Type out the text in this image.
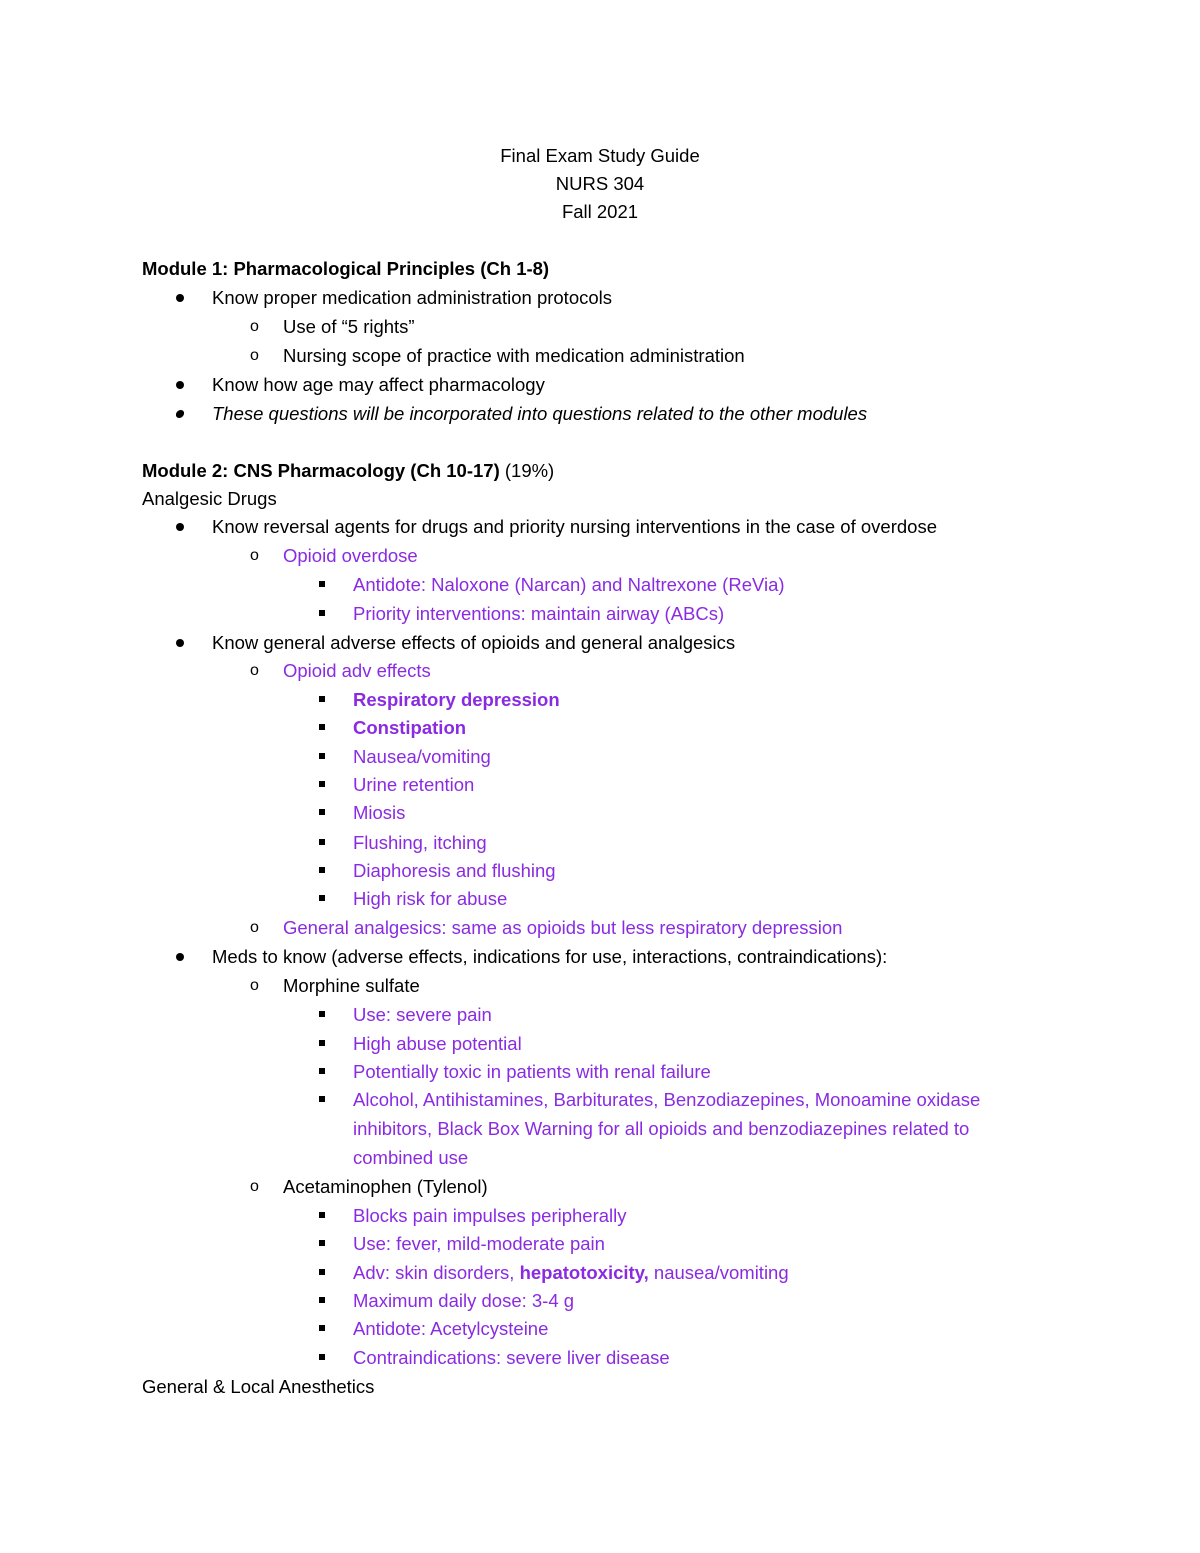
Final Exam Study Guide
NURS 304
Fall 2021
Module 1: Pharmacological Principles (Ch 1-8)
Know proper medication administration protocols
o Use of “5 rights”
o Nursing scope of practice with medication administration
Know how age may affect pharmacology
These questions will be incorporated into questions related to the other modules
Module 2: CNS Pharmacology (Ch 10-17) (19%)
Analgesic Drugs
Know reversal agents for drugs and priority nursing interventions in the case of overdose
o Opioid overdose
Antidote: Naloxone (Narcan) and Naltrexone (ReVia)
Priority interventions: maintain airway (ABCs)
Know general adverse effects of opioids and general analgesics
o Opioid adv effects
Respiratory depression
Constipation
Nausea/vomiting
Urine retention
Miosis
Flushing, itching
Diaphoresis and flushing
High risk for abuse
o General analgesics: same as opioids but less respiratory depression
Meds to know (adverse effects, indications for use, interactions, contraindications):
o Morphine sulfate
Use: severe pain
High abuse potential
Potentially toxic in patients with renal failure
Alcohol, Antihistamines, Barbiturates, Benzodiazepines, Monoamine oxidase
inhibitors, Black Box Warning for all opioids and benzodiazepines related to
combined use
o Acetaminophen (Tylenol)
Blocks pain impulses peripherally
Use: fever, mild-moderate pain
Adv: skin disorders, hepatotoxicity, nausea/vomiting
Maximum daily dose: 3-4 g
Antidote: Acetylcysteine
Contraindications: severe liver disease
General & Local Anesthetics
